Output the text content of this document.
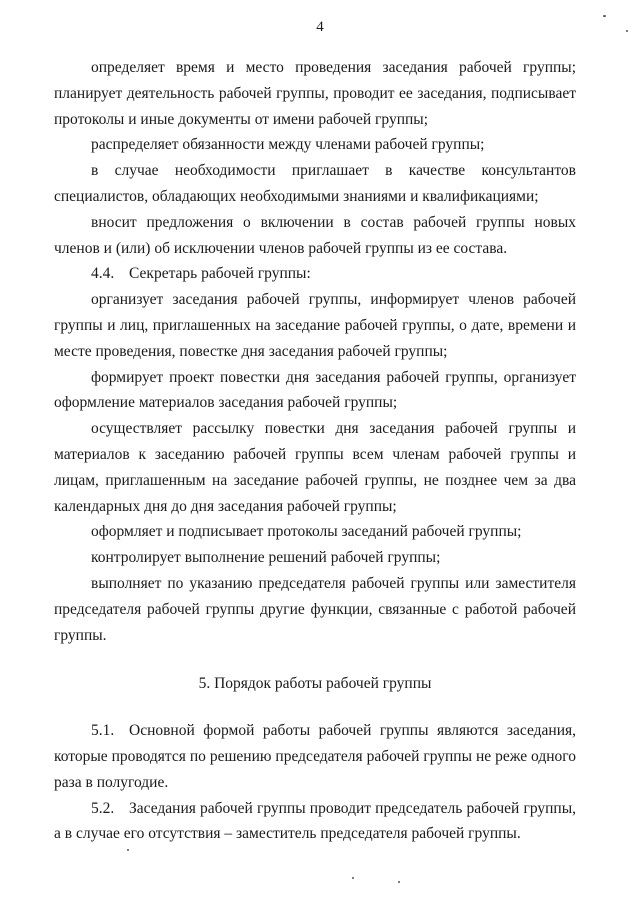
4

определяет время и место проведения заседания рабочей группы; планирует деятельность рабочей группы, проводит ее заседания, подписывает протоколы и иные документы от имени рабочей группы;

распределяет обязанности между членами рабочей группы;

в случае необходимости приглашает в качестве консультантов специалистов, обладающих необходимыми знаниями и квалификациями;

вносит предложения о включении в состав рабочей группы новых членов и (или) об исключении членов рабочей группы из ее состава.

4.4. Секретарь рабочей группы:

организует заседания рабочей группы, информирует членов рабочей группы и лиц, приглашенных на заседание рабочей группы, о дате, времени и месте проведения, повестке дня заседания рабочей группы;

формирует проект повестки дня заседания рабочей группы, организует оформление материалов заседания рабочей группы;

осуществляет рассылку повестки дня заседания рабочей группы и материалов к заседанию рабочей группы всем членам рабочей группы и лицам, приглашенным на заседание рабочей группы, не позднее чем за два календарных дня до дня заседания рабочей группы;

оформляет и подписывает протоколы заседаний рабочей группы;

контролирует выполнение решений рабочей группы;

выполняет по указанию председателя рабочей группы или заместителя председателя рабочей группы другие функции, связанные с работой рабочей группы.

5. Порядок работы рабочей группы

5.1. Основной формой работы рабочей группы являются заседания, которые проводятся по решению председателя рабочей группы не реже одного раза в полугодие.

5.2. Заседания рабочей группы проводит председатель рабочей группы, а в случае его отсутствия – заместитель председателя рабочей группы.
